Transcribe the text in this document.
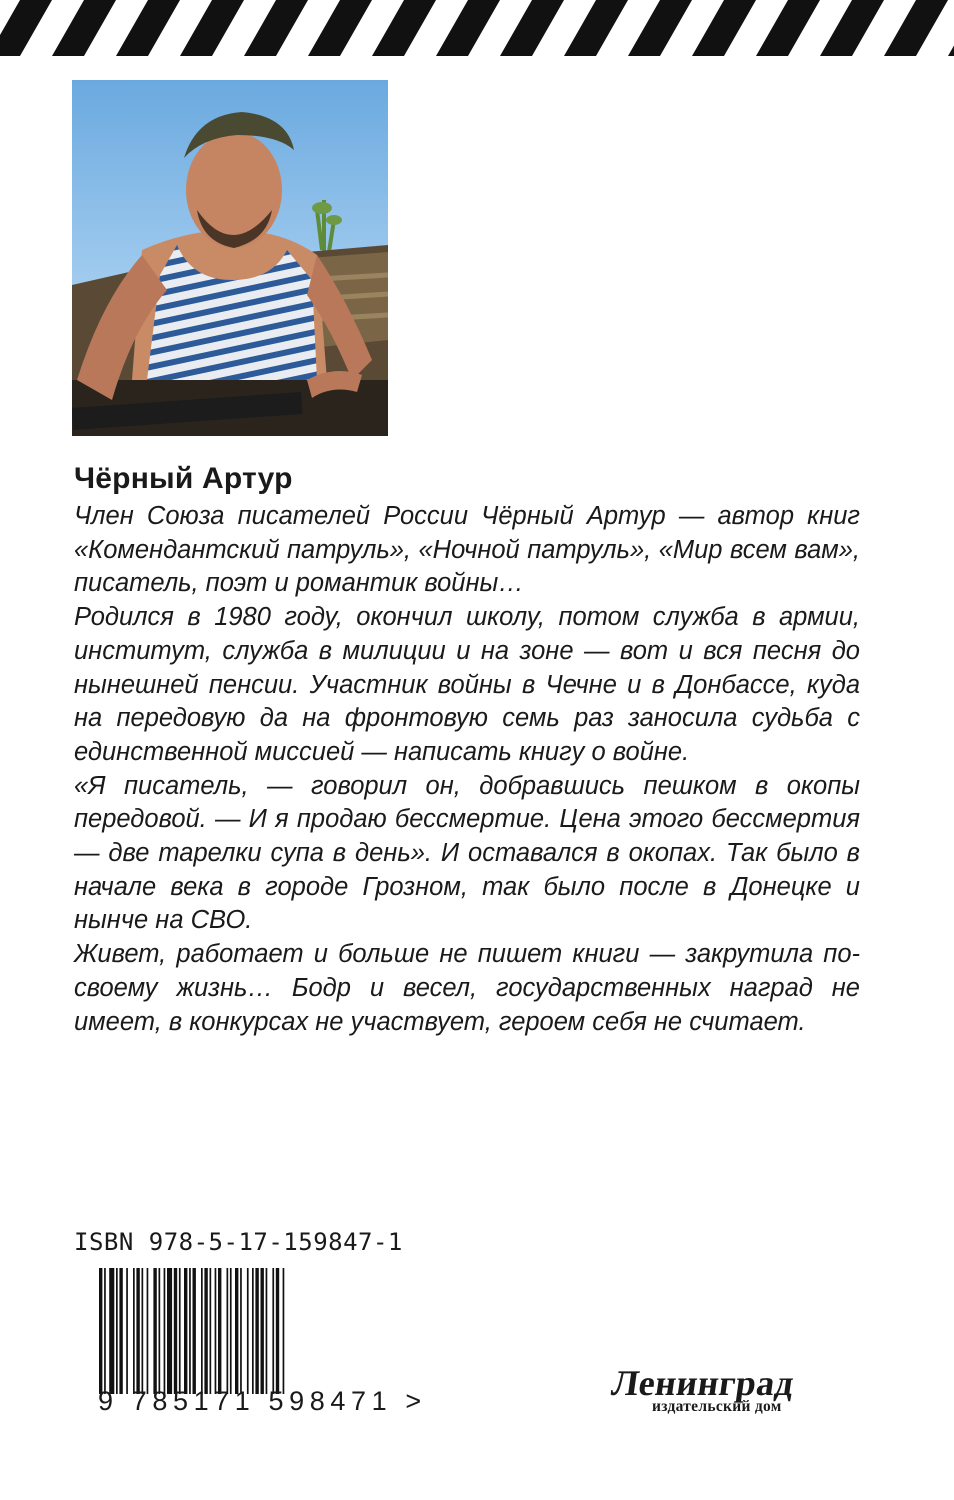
Чёрный Артур

Член Союза писателей России Чёрный Артур — автор книг «Комендантский патруль», «Ночной патруль», «Мир всем вам», писатель, поэт и романтик войны…

Родился в 1980 году, окончил школу, потом служба в армии, институт, служба в милиции и на зоне — вот и вся песня до нынешней пенсии. Участник войны в Чечне и в Донбассе, куда на передовую да на фронтовую семь раз заносила судьба с единственной миссией — написать книгу о войне.

«Я писатель, — говорил он, добравшись пешком в окопы передовой. — И я продаю бессмертие. Цена этого бессмертия — две тарелки супа в день». И оставался в окопах. Так было в начале века в городе Грозном, так было после в Донецке и нынче на СВО.

Живет, работает и больше не пишет книги — закрутила по-своему жизнь… Бодр и весел, государственных наград не имеет, в конкурсах не участвует, героем себя не считает.

ISBN 978-5-17-159847-1
9 785171 598471 >	Ленинград
издательский дом
